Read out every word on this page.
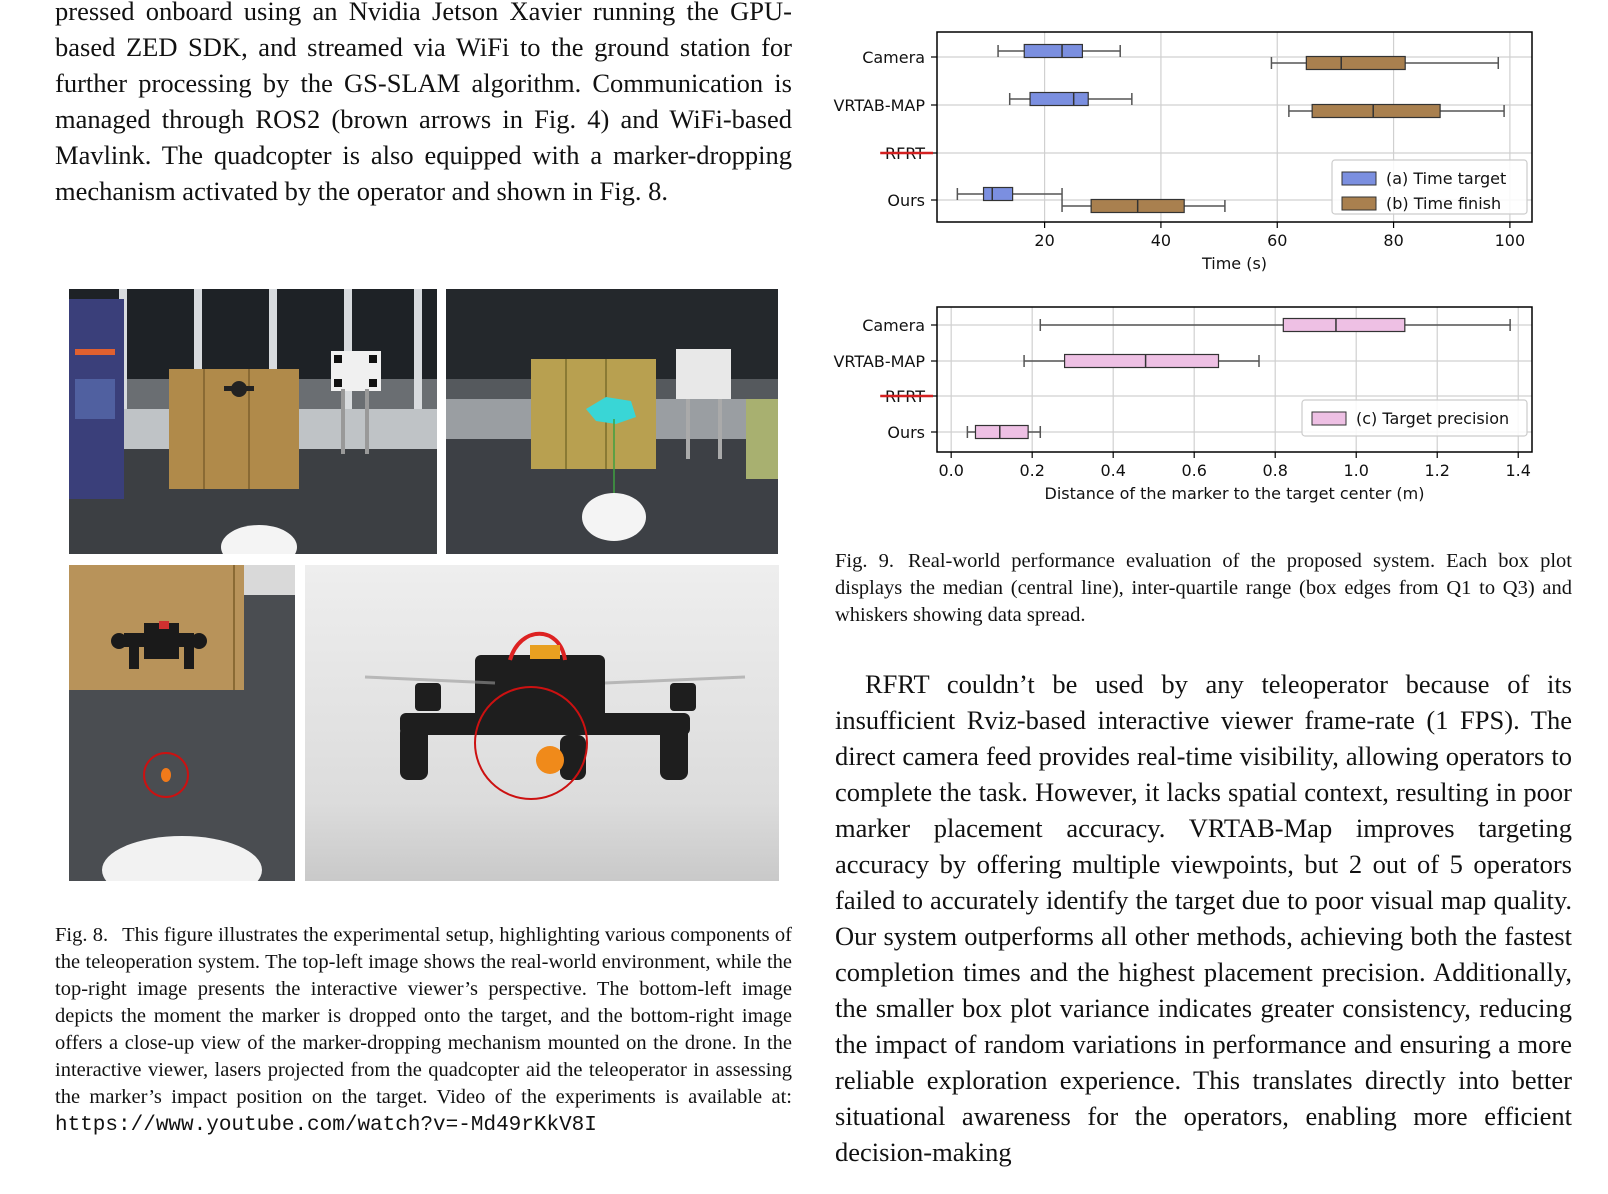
pressed onboard using an Nvidia Jetson Xavier running the GPU-based ZED SDK, and streamed via WiFi to the ground station for further processing by the GS-SLAM algorithm. Communication is managed through ROS2 (brown arrows in Fig. 4) and WiFi-based Mavlink. The quadcopter is also equipped with a marker-dropping mechanism activated by the operator and shown in Fig. 8.

Fig. 8. This figure illustrates the experimental setup, highlighting various components of the teleoperation system. The top-left image shows the real-world environment, while the top-right image presents the interactive viewer’s perspective. The bottom-left image depicts the moment the marker is dropped onto the target, and the bottom-right image offers a close-up view of the marker-dropping mechanism mounted on the drone. In the interactive viewer, lasers projected from the quadcopter aid the teleoperator in assessing the marker’s impact position on the target. Video of the experiments is available at: https://www.youtube.com/watch?v=-Md49rKkV8I

20	40	60	80	100
Time (s)
Camera
VRTAB-MAP
RFRT
Ours
(a) Time target
(b) Time finish
0.0	0.2	0.4	0.6	0.8	1.0	1.2	1.4
Distance of the marker to the target center (m)
Camera
VRTAB-MAP
RFRT
Ours
(c) Target precision

Fig. 9. Real-world performance evaluation of the proposed system. Each box plot displays the median (central line), inter-quartile range (box edges from Q1 to Q3) and whiskers showing data spread.

RFRT couldn’t be used by any teleoperator because of its insufficient Rviz-based interactive viewer frame-rate (1 FPS). The direct camera feed provides real-time visibility, allowing operators to complete the task. However, it lacks spatial context, resulting in poor marker placement accuracy. VRTAB-Map improves targeting accuracy by offering multiple viewpoints, but 2 out of 5 operators failed to accurately identify the target due to poor visual map quality. Our system outperforms all other methods, achieving both the fastest completion times and the highest placement precision. Additionally, the smaller box plot variance indicates greater consistency, reducing the impact of random variations in performance and ensuring a more reliable exploration experience. This translates directly into better situational awareness for the operators, enabling more efficient decision-making
